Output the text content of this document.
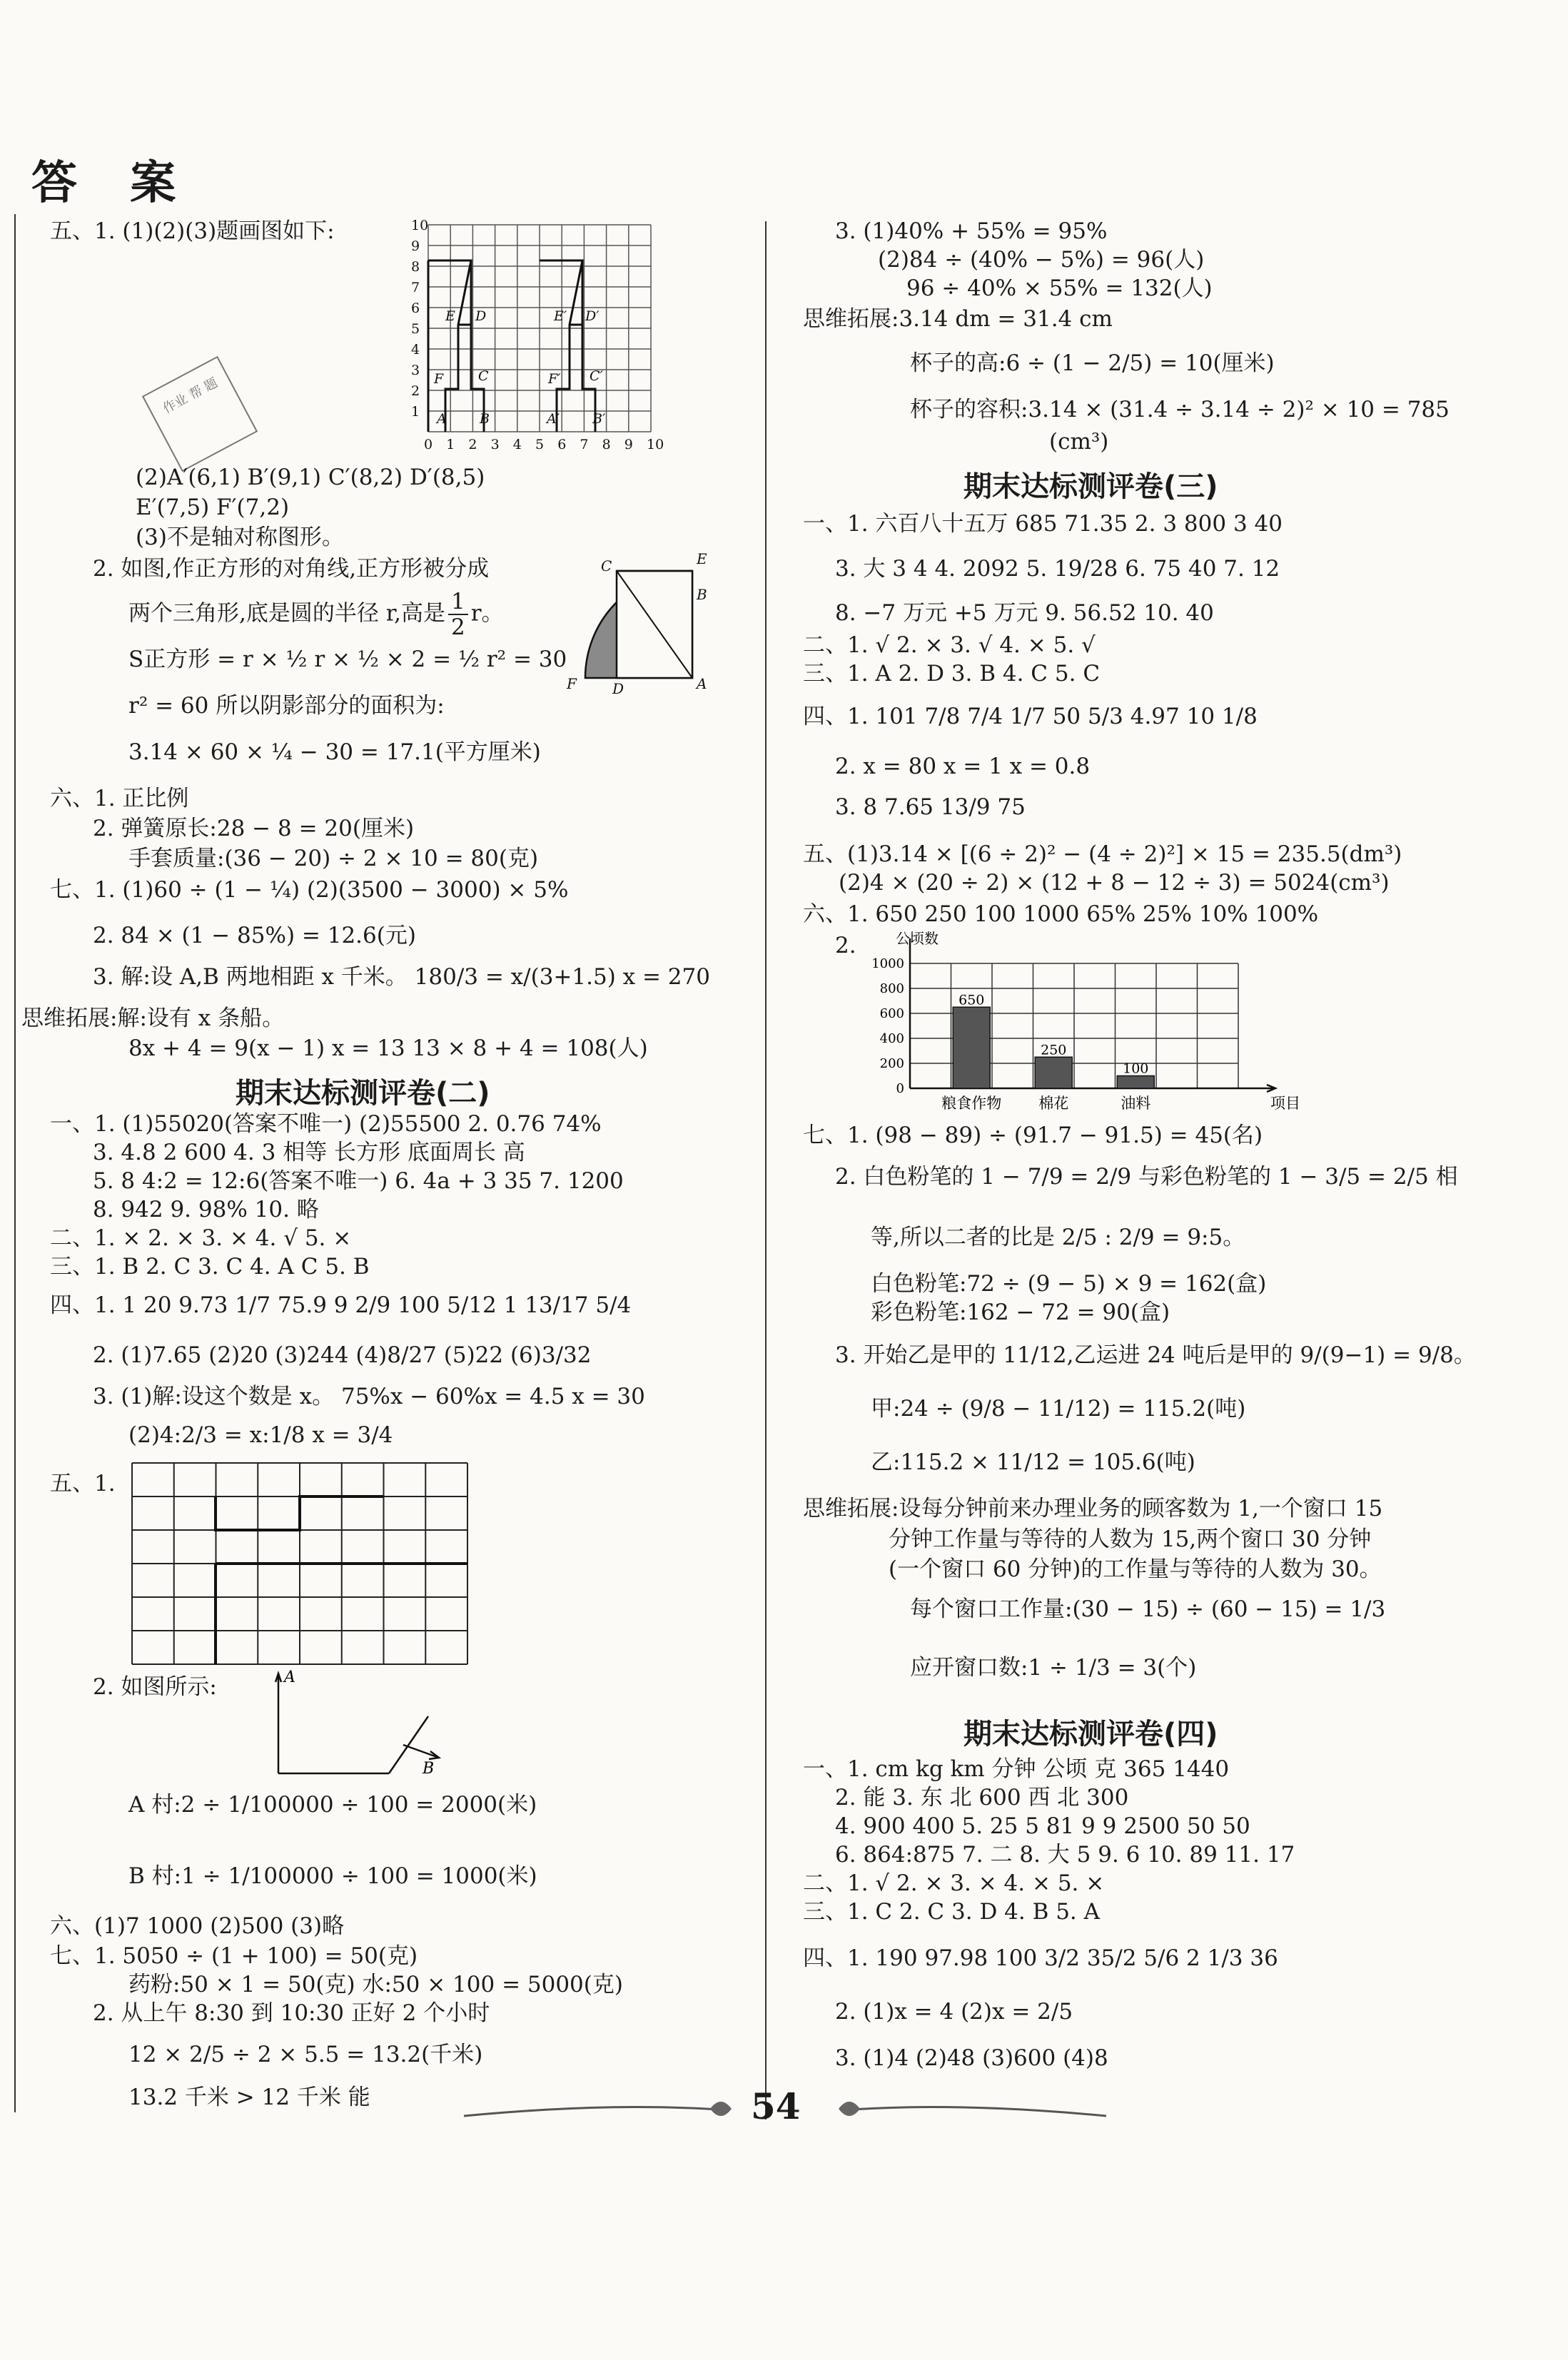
答 案
五、1. (1)(2)(3)题画图如下:
0 1 2 3 4 5 6 7 8 9 10
1
2
3
4
5
6
7
8
9
10
A B
C
D
E
F
A′ B′
C′
D′
E′
F′
作业 帮 题
(2)A′(6,1) B′(9,1) C′(8,2) D′(8,5)
E′(7,5) F′(7,2)
(3)不是轴对称图形。
2. 如图,作正方形的对角线,正方形被分成
两个三角形,底是圆的半径 r,高是 $\frac{1}{2}$ r。
S正方形 = r × ½ r × ½ × 2 = ½ r² = 30
r² = 60 所以阴影部分的面积为:
3.14 × 60 × ¼ − 30 = 17.1(平方厘米)
C	E
B
F	D	A
六、1. 正比例
2. 弹簧原长:28 − 8 = 20(厘米)
手套质量:(36 − 20) ÷ 2 × 10 = 80(克)
七、1. (1)60 ÷ (1 − ¼) (2)(3500 − 3000) × 5%
2. 84 × (1 − 85%) = 12.6(元)
3. 解:设 A,B 两地相距 x 千米。 180/3 = x/(3+1.5) x = 270
思维拓展:解:设有 x 条船。
8x + 4 = 9(x − 1) x = 13 13 × 8 + 4 = 108(人)
期末达标测评卷(二)
一、1. (1)55020(答案不唯一) (2)55500 2. 0.76 74%
3. 4.8 2 600 4. 3 相等 长方形 底面周长 高
5. 8 4:2 = 12:6(答案不唯一) 6. 4a + 3 35 7. 1200
8. 942 9. 98% 10. 略
二、1. × 2. × 3. × 4. √ 5. ×
三、1. B 2. C 3. C 4. A C 5. B
四、1. 1 20 9.73 1/7 75.9 9 2/9 100 5/12 1 13/17 5/4
2. (1)7.65 (2)20 (3)244 (4)8/27 (5)22 (6)3/32
3. (1)解:设这个数是 x。 75%x − 60%x = 4.5 x = 30
(2)4:2/3 = x:1/8 x = 3/4
五、1.
2. 如图所示:	A
B
A 村:2 ÷ 1/100000 ÷ 100 = 2000(米)
B 村:1 ÷ 1/100000 ÷ 100 = 1000(米)
六、(1)7 1000 (2)500 (3)略
七、1. 5050 ÷ (1 + 100) = 50(克)
药粉:50 × 1 = 50(克) 水:50 × 100 = 5000(克)
2. 从上午 8:30 到 10:30 正好 2 个小时
12 × 2/5 ÷ 2 × 5.5 = 13.2(千米)
13.2 千米 > 12 千米 能
3. (1)40% + 55% = 95%
(2)84 ÷ (40% − 5%) = 96(人)
96 ÷ 40% × 55% = 132(人)
思维拓展:3.14 dm = 31.4 cm
杯子的高:6 ÷ (1 − 2/5) = 10(厘米)
杯子的容积:3.14 × (31.4 ÷ 3.14 ÷ 2)² × 10 = 785
(cm³)
期末达标测评卷(三)
一、1. 六百八十五万 685 71.35 2. 3 800 3 40
3. 大 3 4 4. 2092 5. 19/28 6. 75 40 7. 12
8. −7 万元 +5 万元 9. 56.52 10. 40
二、1. √ 2. × 3. √ 4. × 5. √
三、1. A 2. D 3. B 4. C 5. C
四、1. 101 7/8 7/4 1/7 50 5/3 4.97 10 1/8
2. x = 80 x = 1 x = 0.8
3. 8 7.65 13/9 75
五、(1)3.14 × [(6 ÷ 2)² − (4 ÷ 2)²] × 15 = 235.5(dm³)
(2)4 × (20 ÷ 2) × (12 + 8 − 12 ÷ 3) = 5024(cm³)
六、1. 650 250 100 1000 65% 25% 10% 100%
2.	公顷数
0
200
400
600
800
1000
650
粮食作物
250
棉花
100
油料	项目
七、1. (98 − 89) ÷ (91.7 − 91.5) = 45(名)
2. 白色粉笔的 1 − 7/9 = 2/9 与彩色粉笔的 1 − 3/5 = 2/5 相
等,所以二者的比是 2/5 : 2/9 = 9:5。
白色粉笔:72 ÷ (9 − 5) × 9 = 162(盒)
彩色粉笔:162 − 72 = 90(盒)
3. 开始乙是甲的 11/12,乙运进 24 吨后是甲的 9/(9−1) = 9/8。
甲:24 ÷ (9/8 − 11/12) = 115.2(吨)
乙:115.2 × 11/12 = 105.6(吨)
思维拓展:设每分钟前来办理业务的顾客数为 1,一个窗口 15
分钟工作量与等待的人数为 15,两个窗口 30 分钟
(一个窗口 60 分钟)的工作量与等待的人数为 30。
每个窗口工作量:(30 − 15) ÷ (60 − 15) = 1/3
应开窗口数:1 ÷ 1/3 = 3(个)
期末达标测评卷(四)
一、1. cm kg km 分钟 公顷 克 365 1440
2. 能 3. 东 北 600 西 北 300
4. 900 400 5. 25 5 81 9 9 2500 50 50
6. 864:875 7. 二 8. 大 5 9. 6 10. 89 11. 17
二、1. √ 2. × 3. × 4. × 5. ×
三、1. C 2. C 3. D 4. B 5. A
四、1. 190 97.98 100 3/2 35/2 5/6 2 1/3 36
2. (1)x = 4 (2)x = 2/5
3. (1)4 (2)48 (3)600 (4)8
54
